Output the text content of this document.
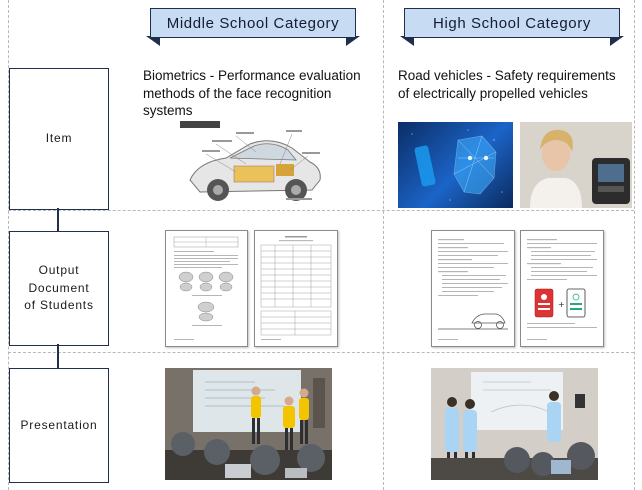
Middle School Category	High School Category
Item
Output
Document
of Students
Presentation
Biometrics - Performance evaluation
methods of the face recognition
systems
Road vehicles - Safety requirements
of electrically propelled vehicles
+
